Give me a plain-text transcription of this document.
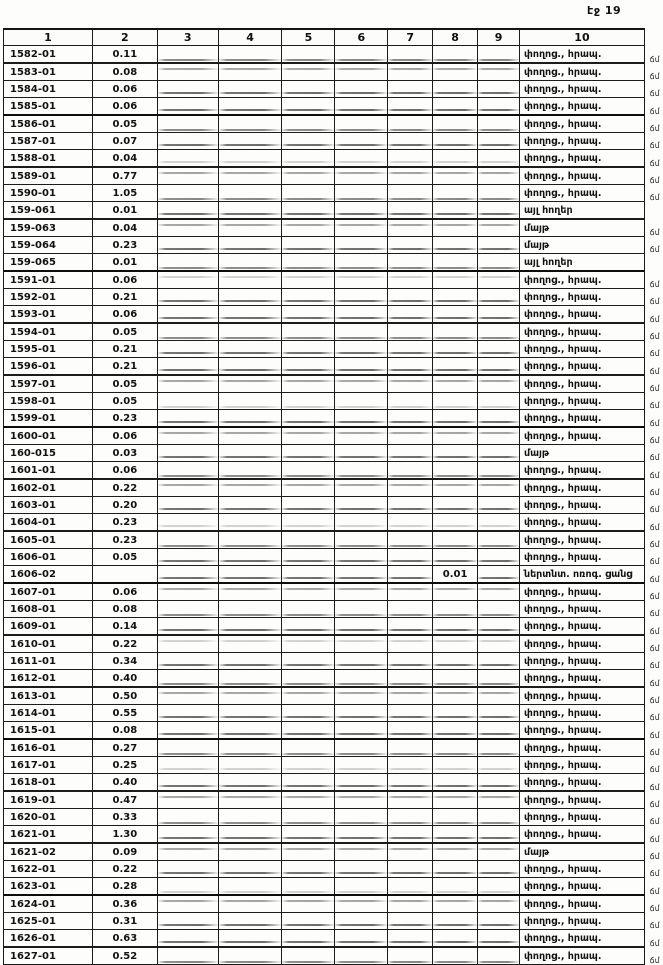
էջ 19
1	2	3	4	5	6	7	8	9	10	
1582-01	0.11								փողոց., հրապ.	ճմ
1583-01	0.08								փողոց., հրապ.	ճմ
1584-01	0.06								փողոց., հրապ.	ճմ
1585-01	0.06								փողոց., հրապ.	ճմ
1586-01	0.05								փողոց., հրապ.	ճմ
1587-01	0.07								փողոց., հրապ.	ճմ
1588-01	0.04								փողոց., հրապ.	ճմ
1589-01	0.77								փողոց., հրապ.	ճմ
1590-01	1.05								փողոց., հրապ.	ճմ
159-061	0.01								այլ հողեր	
159-063	0.04								մայթ	ճմ
159-064	0.23								մայթ	ճմ
159-065	0.01								այլ հողեր	
1591-01	0.06								փողոց., հրապ.	ճմ
1592-01	0.21								փողոց., հրապ.	ճմ
1593-01	0.06								փողոց., հրապ.	ճմ
1594-01	0.05								փողոց., հրապ.	ճմ
1595-01	0.21								փողոց., հրապ.	ճմ
1596-01	0.21								փողոց., հրապ.	ճմ
1597-01	0.05								փողոց., հրապ.	ճմ
1598-01	0.05								փողոց., հրապ.	ճմ
1599-01	0.23								փողոց., հրապ.	ճմ
1600-01	0.06								փողոց., հրապ.	ճմ
160-015	0.03								մայթ	ճմ
1601-01	0.06								փողոց., հրապ.	ճմ
1602-01	0.22								փողոց., հրապ.	ճմ
1603-01	0.20								փողոց., հրապ.	ճմ
1604-01	0.23								փողոց., հրապ.	ճմ
1605-01	0.23								փողոց., հրապ.	ճմ
1606-01	0.05								փողոց., հրապ.	ճմ
1606-02							0.01		ներտնտ. ոռոգ. ցանց	ճմ
1607-01	0.06								փողոց., հրապ.	ճմ
1608-01	0.08								փողոց., հրապ.	ճմ
1609-01	0.14								փողոց., հրապ.	ճմ
1610-01	0.22								փողոց., հրապ.	ճմ
1611-01	0.34								փողոց., հրապ.	ճմ
1612-01	0.40								փողոց., հրապ.	ճմ
1613-01	0.50								փողոց., հրապ.	ճմ
1614-01	0.55								փողոց., հրապ.	ճմ
1615-01	0.08								փողոց., հրապ.	ճմ
1616-01	0.27								փողոց., հրապ.	ճմ
1617-01	0.25								փողոց., հրապ.	ճմ
1618-01	0.40								փողոց., հրապ.	ճմ
1619-01	0.47								փողոց., հրապ.	ճմ
1620-01	0.33								փողոց., հրապ.	ճմ
1621-01	1.30								փողոց., հրապ.	ճմ
1621-02	0.09								մայթ	ճմ
1622-01	0.22								փողոց., հրապ.	ճմ
1623-01	0.28								փողոց., հրապ.	ճմ
1624-01	0.36								փողոց., հրապ.	ճմ
1625-01	0.31								փողոց., հրապ.	ճմ
1626-01	0.63								փողոց., հրապ.	ճմ
1627-01	0.52								փողոց., հրապ.	ճմ
